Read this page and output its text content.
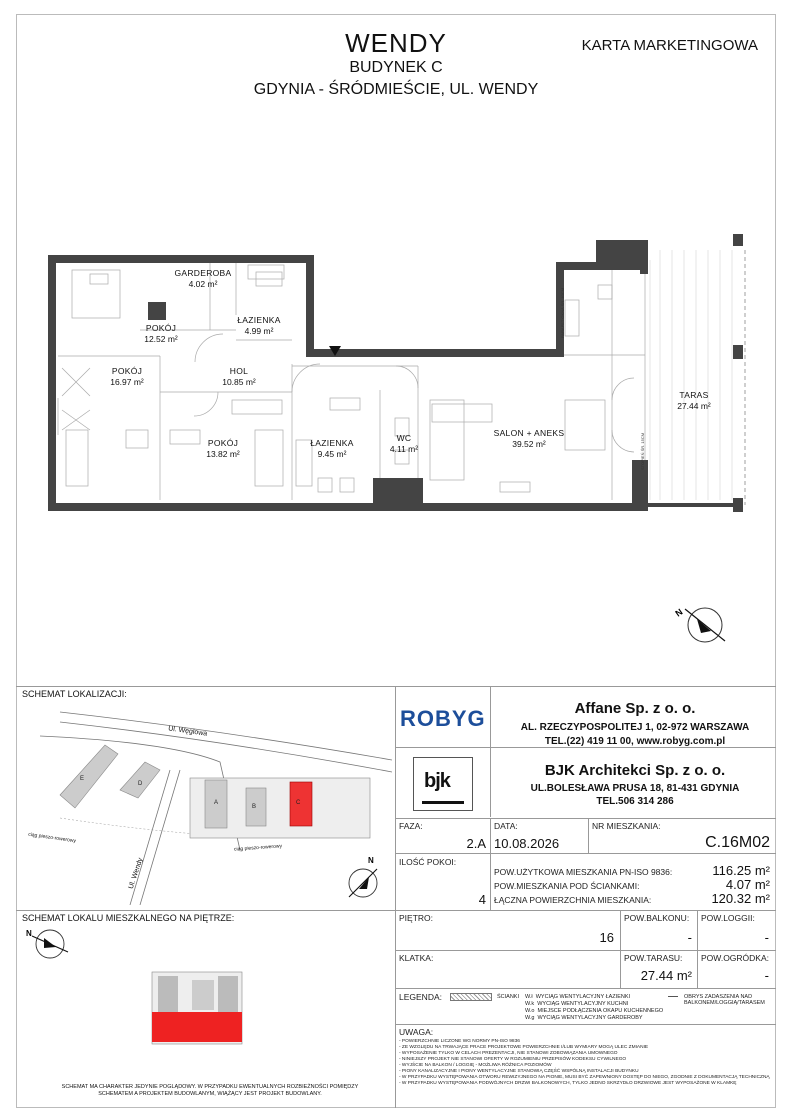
WENDY
BUDYNEK C
GDYNIA - ŚRÓDMIEŚCIE, UL. WENDY
KARTA MARKETINGOWA
N
GARDEROBA
4.02 m²
ŁAZIENKA
4.99 m²
POKÓJ
12.52 m²
POKÓJ
16.97 m²
HOL
10.85 m²
POKÓJ
13.82 m²
ŁAZIENKA
9.45 m²
WC
4.11 m²
SALON + ANEKS
39.52 m²
TARAS
27.44 m²
PARAPET OKNA ŚR. 40CM
STOPIEŃ ŚR. 15CM
SCHEMAT LOKALIZACJI:
E
D
A
B
C
N
Ul. Węglowa
Ul. Wendy
ciąg pieszo-rowerowy
ciąg pieszo-rowerowy
SCHEMAT LOKALU MIESZKALNEGO NA PIĘTRZE:
N
SCHEMAT MA CHARAKTER JEDYNIE POGLĄDOWY. W PRZYPADKU EWENTUALNYCH ROZBIEŻNOŚCI POMIĘDZY SCHEMATEM A PROJEKTEM BUDOWLANYM, WIĄŻĄCY JEST PROJEKT BUDOWLANY.
ROBYG	Affane Sp. z o. o.
AL. RZECZYPOSPOLITEJ 1, 02-972 WARSZAWA
TEL.(22) 419 11 00, www.robyg.com.pl
bjk	BJK Architekci Sp. z o. o.
UL.BOLESŁAWA PRUSA 18, 81-431 GDYNIA
TEL.506 314 286
FAZA:
2.A
DATA:
10.08.2026
NR MIESZKANIA:
C.16M02
ILOŚĆ POKOI:
4
POW.UŻYTKOWA MIESZKANIA PN-ISO 9836:	116.25 m²
POW.MIESZKANIA POD ŚCIANKAMI:	4.07 m²
ŁĄCZNA POWIERZCHNIA MIESZKANIA:	120.32 m²
PIĘTRO:
16
POW.BALKONU:
-
POW.LOGGII:
-
KLATKA:	POW.TARASU:
27.44 m²
POW.OGRÓDKA:
-
LEGENDA:	ŚCIANKI W.ł WYCIĄG WENTYLACYJNY ŁAZIENKI
W.k WYCIĄG WENTYLACYJNY KUCHNI
W.o MIEJSCE PODŁĄCZENIA OKAPU KUCHENNEGO
W.g WYCIĄG WENTYLACYJNY GARDEROBY
OBRYS ZADASZENIA NAD BALKONEM/LOGGIĄ/TARASEM
UWAGA:
- POWIERZCHNIE LICZONE WG NORMY PN-ISO 9836
- ZE WZGLĘDU NA TRWAJĄCE PRACE PROJEKTOWE POWIERZCHNIE I/LUB WYMIARY MOGĄ ULEC ZMIANIE
- WYPOSAŻENIE TYLKO W CELACH PREZENTACJI, NIE STANOWI ZOBOWIĄZANIA UMOWNEGO
- NINIEJSZY PROJEKT NIE STANOWI OFERTY W ROZUMIENIU PRZEPISÓW KODEKSU CYWILNEGO
- WYJŚCIE NA BALKON / LOGGIĘ - MOŻLIWA RÓŻNICA POZIOMÓW
- PIONY KANALIZACYJNE I PIONY WENTYLACYJNE STANOWIĄ CZĘŚĆ WSPÓLNĄ INSTALACJI BUDYNKU
- W PRZYPADKU WYSTĘPOWANIA OTWORU REWIZYJNEGO NA PIONIE, MUSI BYĆ ZAPEWNIONY DOSTĘP DO NIEGO, ZGODNIE Z DOKUMENTACJĄ TECHNICZNĄ
- W PRZYPADKU WYSTĘPOWANIA PODWÓJNYCH DRZWI BALKONOWYCH, TYLKO JEDNO SKRZYDŁO DRZWIOWE JEST WYPOSAŻONE W KLAMKĘ
